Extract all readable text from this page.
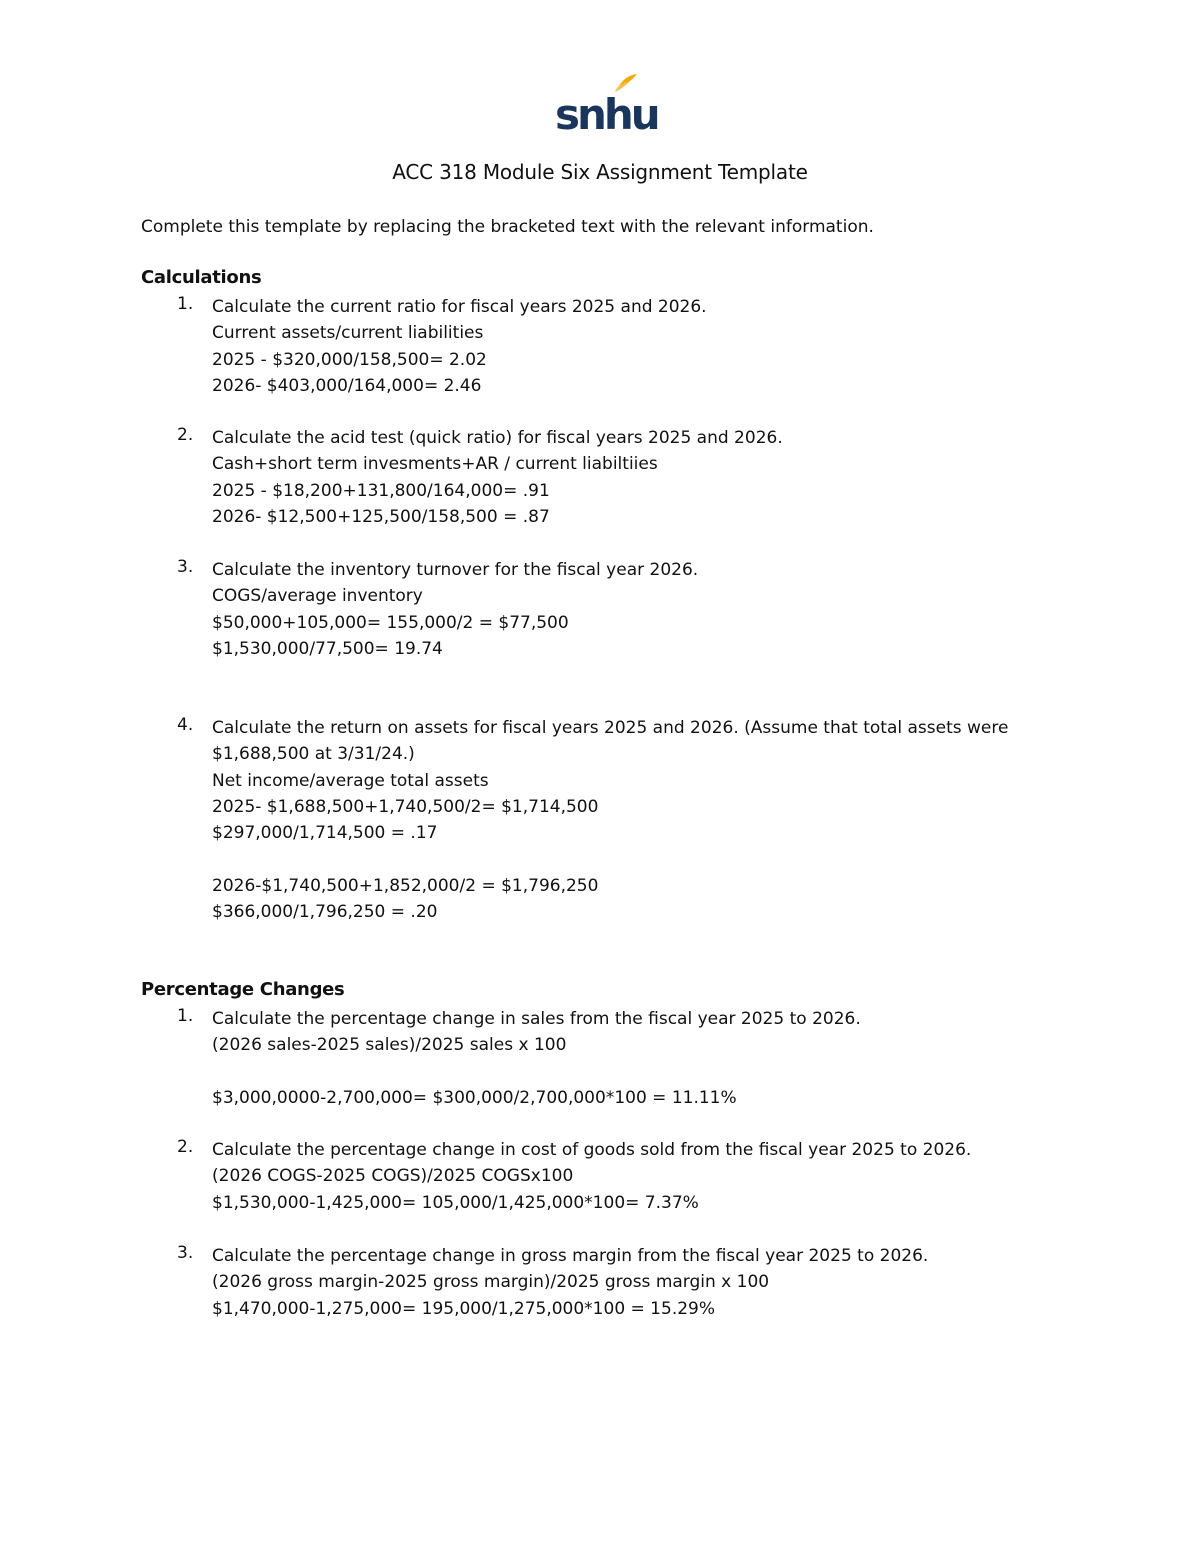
snhu
ACC 318 Module Six Assignment Template
Complete this template by replacing the bracketed text with the relevant information.
Calculations
1. Calculate the current ratio for fiscal years 2025 and 2026.
Current assets/current liabilities
2025 - $320,000/158,500= 2.02
2026- $403,000/164,000= 2.46
2. Calculate the acid test (quick ratio) for fiscal years 2025 and 2026.
Cash+short term invesments+AR / current liabiltiies
2025 - $18,200+131,800/164,000= .91
2026- $12,500+125,500/158,500 = .87
3. Calculate the inventory turnover for the fiscal year 2026.
COGS/average inventory
$50,000+105,000= 155,000/2 = $77,500
$1,530,000/77,500= 19.74
4. Calculate the return on assets for fiscal years 2025 and 2026. (Assume that total assets were
$1,688,500 at 3/31/24.)
Net income/average total assets
2025- $1,688,500+1,740,500/2= $1,714,500
$297,000/1,714,500 = .17
2026-$1,740,500+1,852,000/2 = $1,796,250
$366,000/1,796,250 = .20
Percentage Changes
1. Calculate the percentage change in sales from the fiscal year 2025 to 2026.
(2026 sales-2025 sales)/2025 sales x 100
$3,000,0000-2,700,000= $300,000/2,700,000*100 = 11.11%
2. Calculate the percentage change in cost of goods sold from the fiscal year 2025 to 2026.
(2026 COGS-2025 COGS)/2025 COGSx100
$1,530,000-1,425,000= 105,000/1,425,000*100= 7.37%
3. Calculate the percentage change in gross margin from the fiscal year 2025 to 2026.
(2026 gross margin-2025 gross margin)/2025 gross margin x 100
$1,470,000-1,275,000= 195,000/1,275,000*100 = 15.29%
